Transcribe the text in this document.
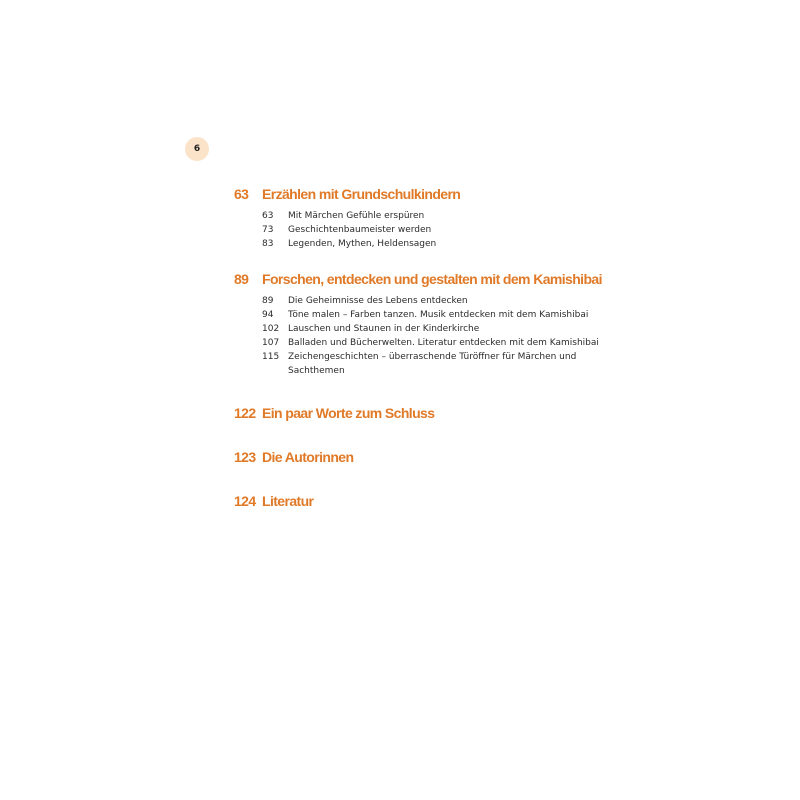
6
63 Erzählen mit Grundschulkindern
63	Mit Märchen Gefühle erspüren
73	Geschichtenbaumeister werden
83	Legenden, Mythen, Heldensagen
89 Forschen, entdecken und gestalten mit dem Kamishibai
89	Die Geheimnisse des Lebens entdecken
94	Töne malen – Farben tanzen. Musik entdecken mit dem Kamishibai
102 Lauschen und Staunen in der Kinderkirche
107 Balladen und Bücherwelten. Literatur entdecken mit dem Kamishibai
115 Zeichengeschichten – überraschende Türöffner für Märchen und Sachthemen
122 Ein paar Worte zum Schluss
123 Die Autorinnen
124 Literatur
